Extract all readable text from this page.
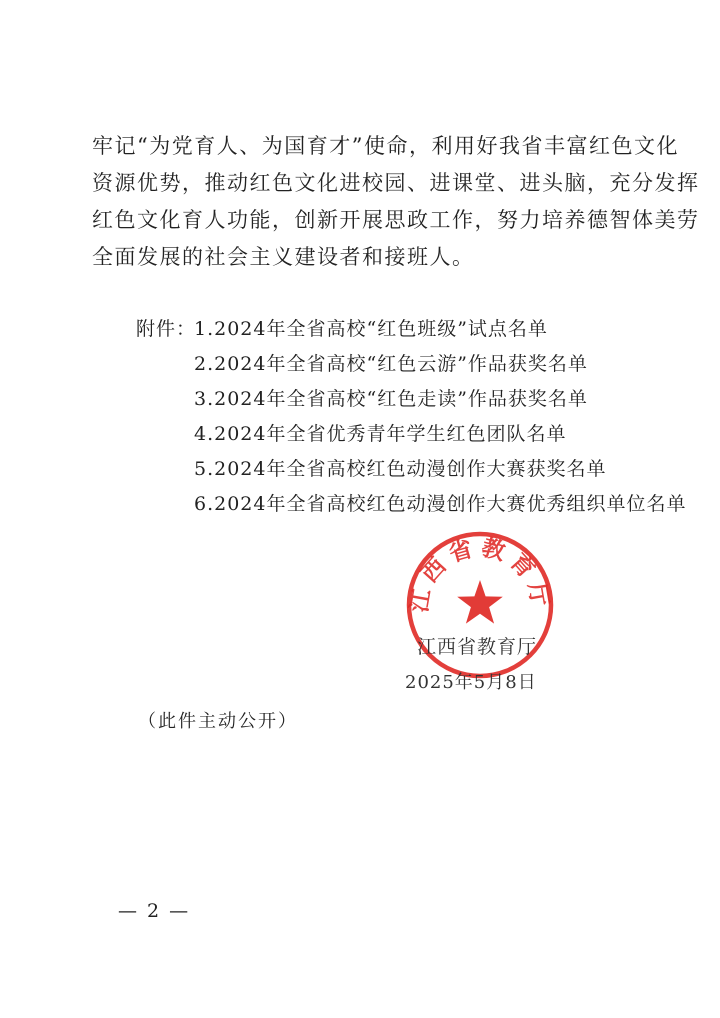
牢记“为党育人、为国育才”使命，利用好我省丰富红色文化

资源优势，推动红色文化进校园、进课堂、进头脑，充分发挥

红色文化育人功能，创新开展思政工作，努力培养德智体美劳

全面发展的社会主义建设者和接班人。

附件：
1.2024年全省高校“红色班级”试点名单
2.2024年全省高校“红色云游”作品获奖名单
3.2024年全省高校“红色走读”作品获奖名单
4.2024年全省优秀青年学生红色团队名单
5.2024年全省高校红色动漫创作大赛获奖名单
6.2024年全省高校红色动漫创作大赛优秀组织单位名单
江西省教育厅
江西省教育厅
2025年5月8日
（此件主动公开）
— 2 —
